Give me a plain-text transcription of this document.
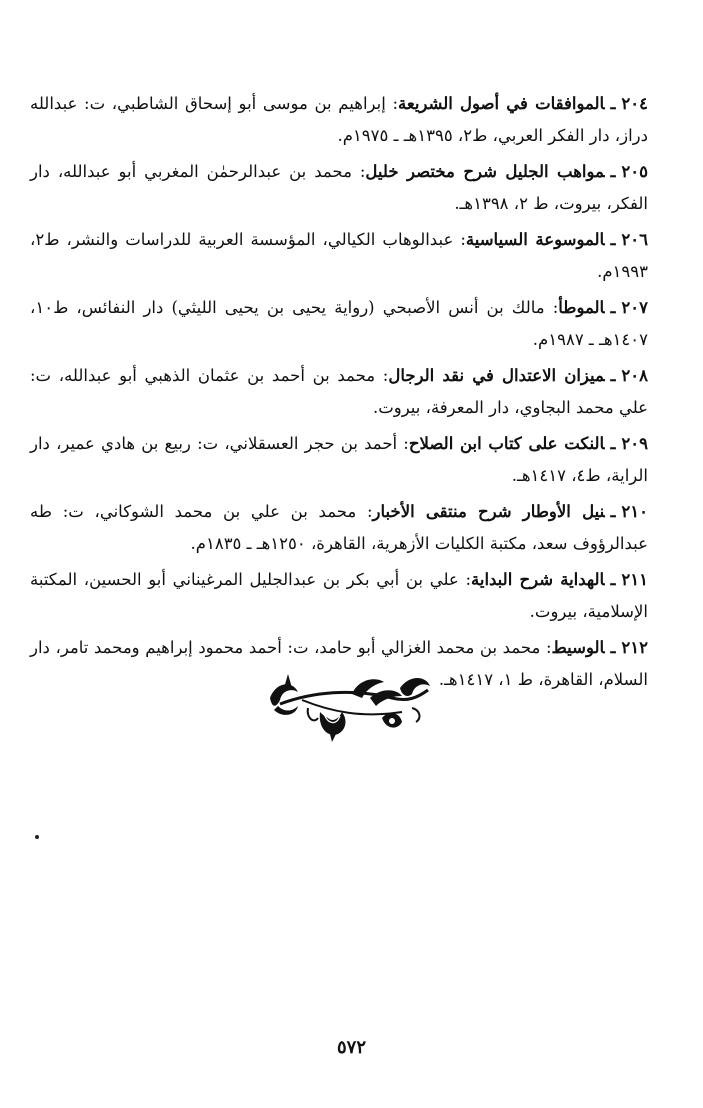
٢٠٤ـالموافقات في أصول الشريعة: إبراهيم بن موسى أبو إسحاق الشاطبي، ت: عبدالله دراز، دار الفكر العربي، ط٢، ١٣٩٥هـ ـ ١٩٧٥م.
٢٠٥ـمواهب الجليل شرح مختصر خليل: محمد بن عبدالرحمٰن المغربي أبو عبدالله، دار الفكر، بيروت، ط ٢، ١٣٩٨هـ.
٢٠٦ـالموسوعة السياسية: عبدالوهاب الكيالي، المؤسسة العربية للدراسات والنشر، ط٢، ١٩٩٣م.
٢٠٧ـالموطأ: مالك بن أنس الأصبحي (رواية يحيى بن يحيى الليثي) دار النفائس، ط١٠، ١٤٠٧هـ ـ ١٩٨٧م.
٢٠٨ـميزان الاعتدال في نقد الرجال: محمد بن أحمد بن عثمان الذهبي أبو عبدالله، ت: علي محمد البجاوي، دار المعرفة، بيروت.
٢٠٩ـالنكت على كتاب ابن الصلاح: أحمد بن حجر العسقلاني، ت: ربيع بن هادي عمير، دار الراية، ط٤، ١٤١٧هـ.
٢١٠ـنيل الأوطار شرح منتقى الأخبار: محمد بن علي بن محمد الشوكاني، ت: طه عبدالرؤوف سعد، مكتبة الكليات الأزهرية، القاهرة، ١٢٥٠هـ ـ ١٨٣٥م.
٢١١ـالهداية شرح البداية: علي بن أبي بكر بن عبدالجليل المرغيناني أبو الحسين، المكتبة الإسلامية، بيروت.
٢١٢ـالوسيط: محمد بن محمد الغزالي أبو حامد، ت: أحمد محمود إبراهيم ومحمد تامر، دار السلام، القاهرة، ط ١، ١٤١٧هـ.
٥٧٢
